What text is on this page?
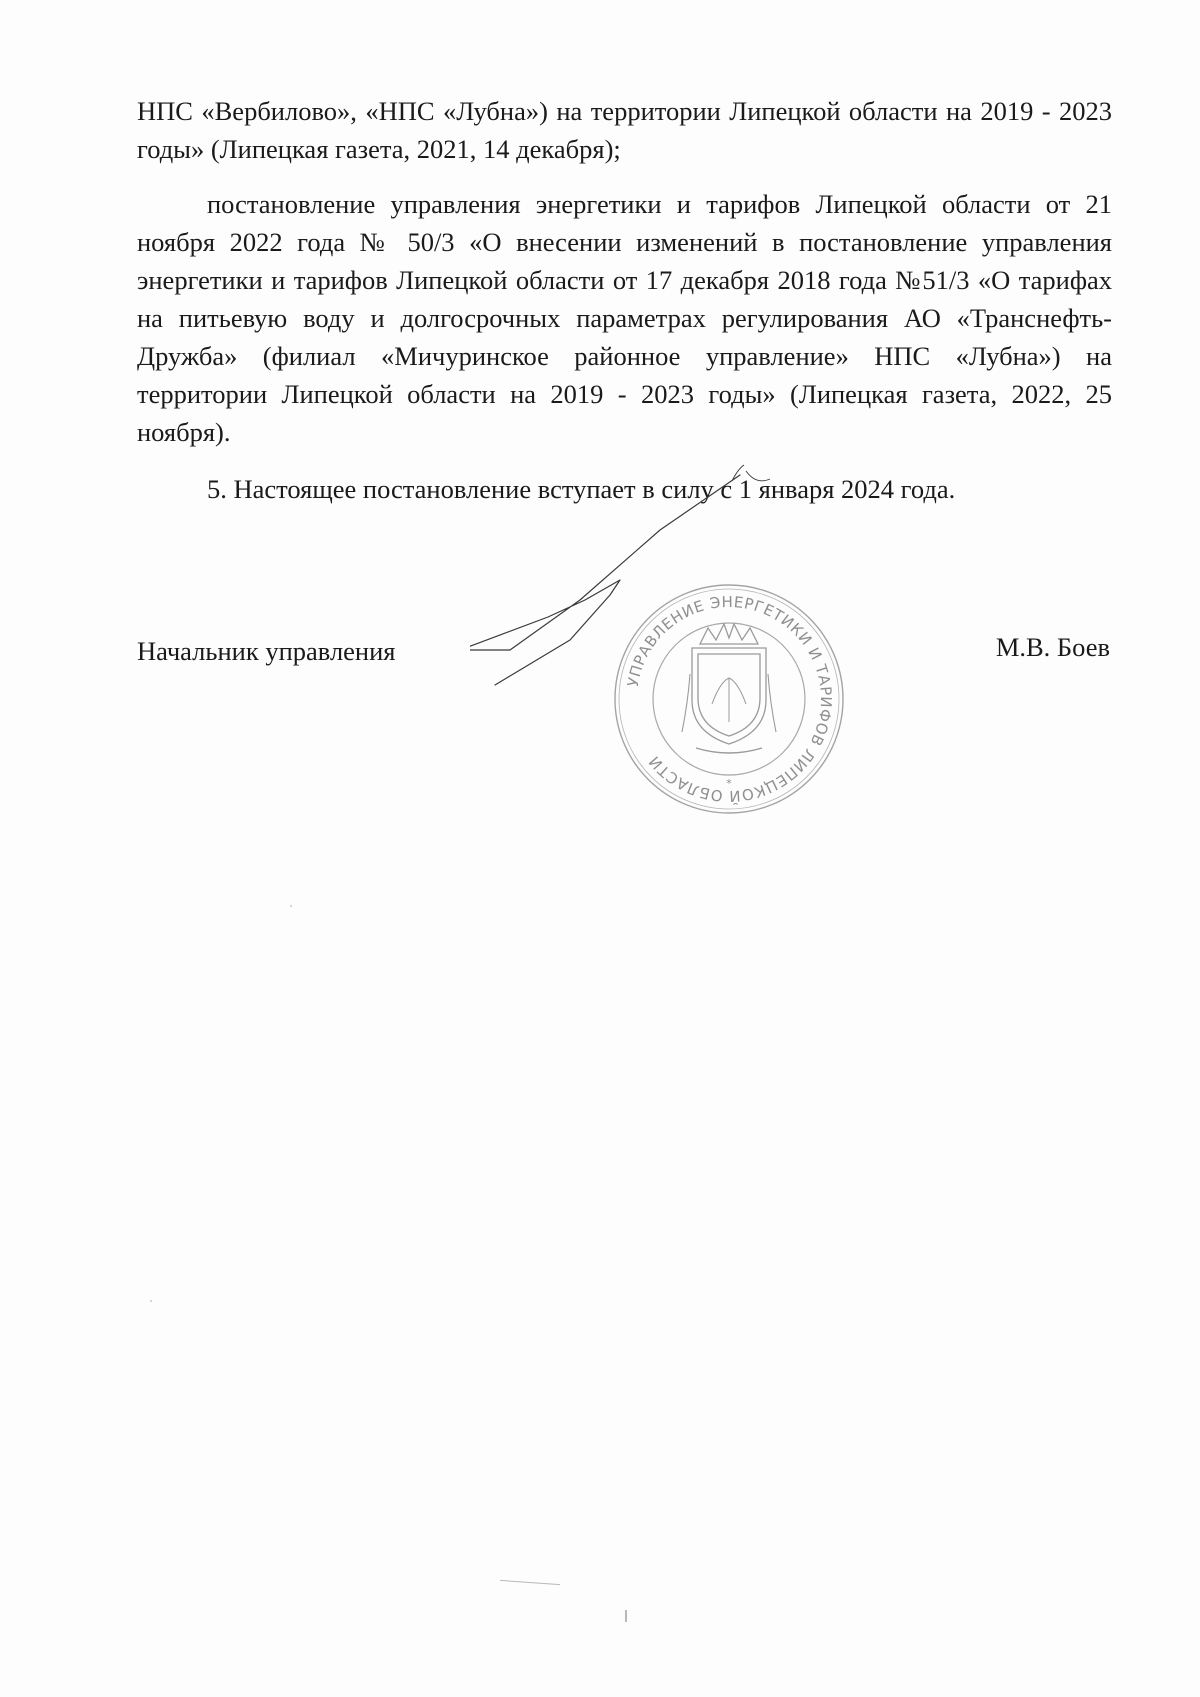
НПС «Вербилово», «НПС «Лубна») на территории Липецкой области на 2019 - 2023 годы» (Липецкая газета, 2021, 14 декабря);

постановление управления энергетики и тарифов Липецкой области от 21 ноября 2022 года № 50/3 «О внесении изменений в постановление управления энергетики и тарифов Липецкой области от 17 декабря 2018 года №51/3 «О тарифах на питьевую воду и долгосрочных параметрах регулирования АО «Транснефть-Дружба» (филиал «Мичуринское районное управление» НПС «Лубна») на территории Липецкой области на 2019 - 2023 годы» (Липецкая газета, 2022, 25 ноября).

5. Настоящее постановление вступает в силу с 1 января 2024 года.

Начальник управления	М.В. Боев

УПРАВЛЕНИЕ ЭНЕРГЕТИКИ И ТАРИФОВ ЛИПЕЦКОЙ ОБЛАСТИ
*
